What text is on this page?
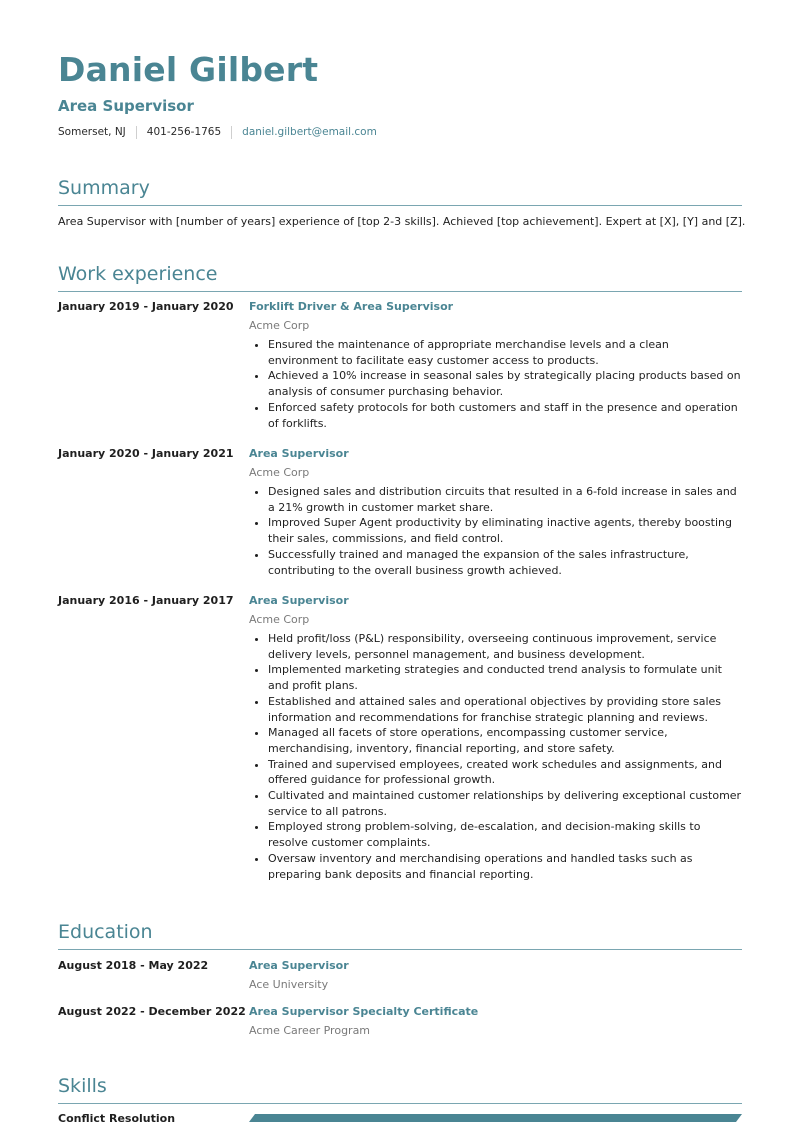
Daniel Gilbert
Area Supervisor
Somerset, NJ 401-256-1765 daniel.gilbert@email.com
Summary
Area Supervisor with [number of years] experience of [top 2-3 skills]. Achieved [top achievement]. Expert at [X], [Y] and [Z].
Work experience
January 2019 - January 2020 Forklift Driver & Area Supervisor
Acme Corp
• Ensured the maintenance of appropriate merchandise levels and a clean environment to facilitate easy customer access to products.
• Achieved a 10% increase in seasonal sales by strategically placing products based on analysis of consumer purchasing behavior.
• Enforced safety protocols for both customers and staff in the presence and operation of forklifts.
January 2020 - January 2021 Area Supervisor
Acme Corp
• Designed sales and distribution circuits that resulted in a 6-fold increase in sales and a 21% growth in customer market share.
• Improved Super Agent productivity by eliminating inactive agents, thereby boosting their sales, commissions, and field control.
• Successfully trained and managed the expansion of the sales infrastructure, contributing to the overall business growth achieved.
January 2016 - January 2017 Area Supervisor
Acme Corp
• Held profit/loss (P&L) responsibility, overseeing continuous improvement, service delivery levels, personnel management, and business development.
• Implemented marketing strategies and conducted trend analysis to formulate unit and profit plans.
• Established and attained sales and operational objectives by providing store sales information and recommendations for franchise strategic planning and reviews.
• Managed all facets of store operations, encompassing customer service, merchandising, inventory, financial reporting, and store safety.
• Trained and supervised employees, created work schedules and assignments, and offered guidance for professional growth.
• Cultivated and maintained customer relationships by delivering exceptional customer service to all patrons.
• Employed strong problem-solving, de-escalation, and decision-making skills to resolve customer complaints.
• Oversaw inventory and merchandising operations and handled tasks such as preparing bank deposits and financial reporting.
Education
August 2018 - May 2022	Area Supervisor
Ace University
August 2022 - December 2022 Area Supervisor Specialty Certificate
Acme Career Program
Skills
Conflict Resolution
